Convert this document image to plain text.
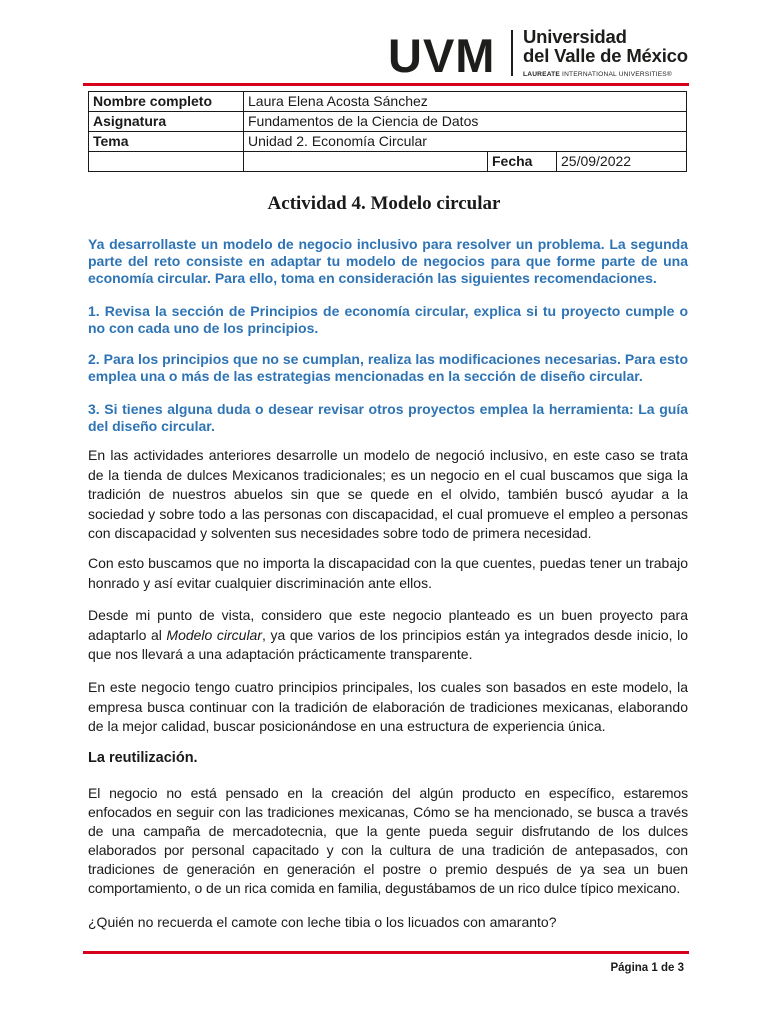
UVM Universidad
del Valle de México
LAUREATE INTERNATIONAL UNIVERSITIES®
Nombre completo	Laura Elena Acosta Sánchez		
Asignatura	Fundamentos de la Ciencia de Datos		
Tema	Unidad 2. Economía Circular		
		Fecha	25/09/2022
Actividad 4. Modelo circular

Ya desarrollaste un modelo de negocio inclusivo para resolver un problema. La segunda parte del reto consiste en adaptar tu modelo de negocios para que forme parte de una economía circular. Para ello, toma en consideración las siguientes recomendaciones.

1. Revisa la sección de Principios de economía circular, explica si tu proyecto cumple o no con cada uno de los principios.

2. Para los principios que no se cumplan, realiza las modificaciones necesarias. Para esto emplea una o más de las estrategias mencionadas en la sección de diseño circular.

3. Si tienes alguna duda o desear revisar otros proyectos emplea la herramienta: La guía del diseño circular.

En las actividades anteriores desarrolle un modelo de negoció inclusivo, en este caso se trata de la tienda de dulces Mexicanos tradicionales; es un negocio en el cual buscamos que siga la tradición de nuestros abuelos sin que se quede en el olvido, también buscó ayudar a la sociedad y sobre todo a las personas con discapacidad, el cual promueve el empleo a personas con discapacidad y solventen sus necesidades sobre todo de primera necesidad.

Con esto buscamos que no importa la discapacidad con la que cuentes, puedas tener un trabajo honrado y así evitar cualquier discriminación ante ellos.

Desde mi punto de vista, considero que este negocio planteado es un buen proyecto para adaptarlo al Modelo circular, ya que varios de los principios están ya integrados desde inicio, lo que nos llevará a una adaptación prácticamente transparente.

En este negocio tengo cuatro principios principales, los cuales son basados en este modelo, la empresa busca continuar con la tradición de elaboración de tradiciones mexicanas, elaborando de la mejor calidad, buscar posicionándose en una estructura de experiencia única.

La reutilización.

El negocio no está pensado en la creación del algún producto en específico, estaremos enfocados en seguir con las tradiciones mexicanas, Cómo se ha mencionado, se busca a través de una campaña de mercadotecnia, que la gente pueda seguir disfrutando de los dulces elaborados por personal capacitado y con la cultura de una tradición de antepasados, con tradiciones de generación en generación el postre o premio después de ya sea un buen comportamiento, o de un rica comida en familia, degustábamos de un rico dulce típico mexicano.

¿Quién no recuerda el camote con leche tibia o los licuados con amaranto?

Página 1 de 3
